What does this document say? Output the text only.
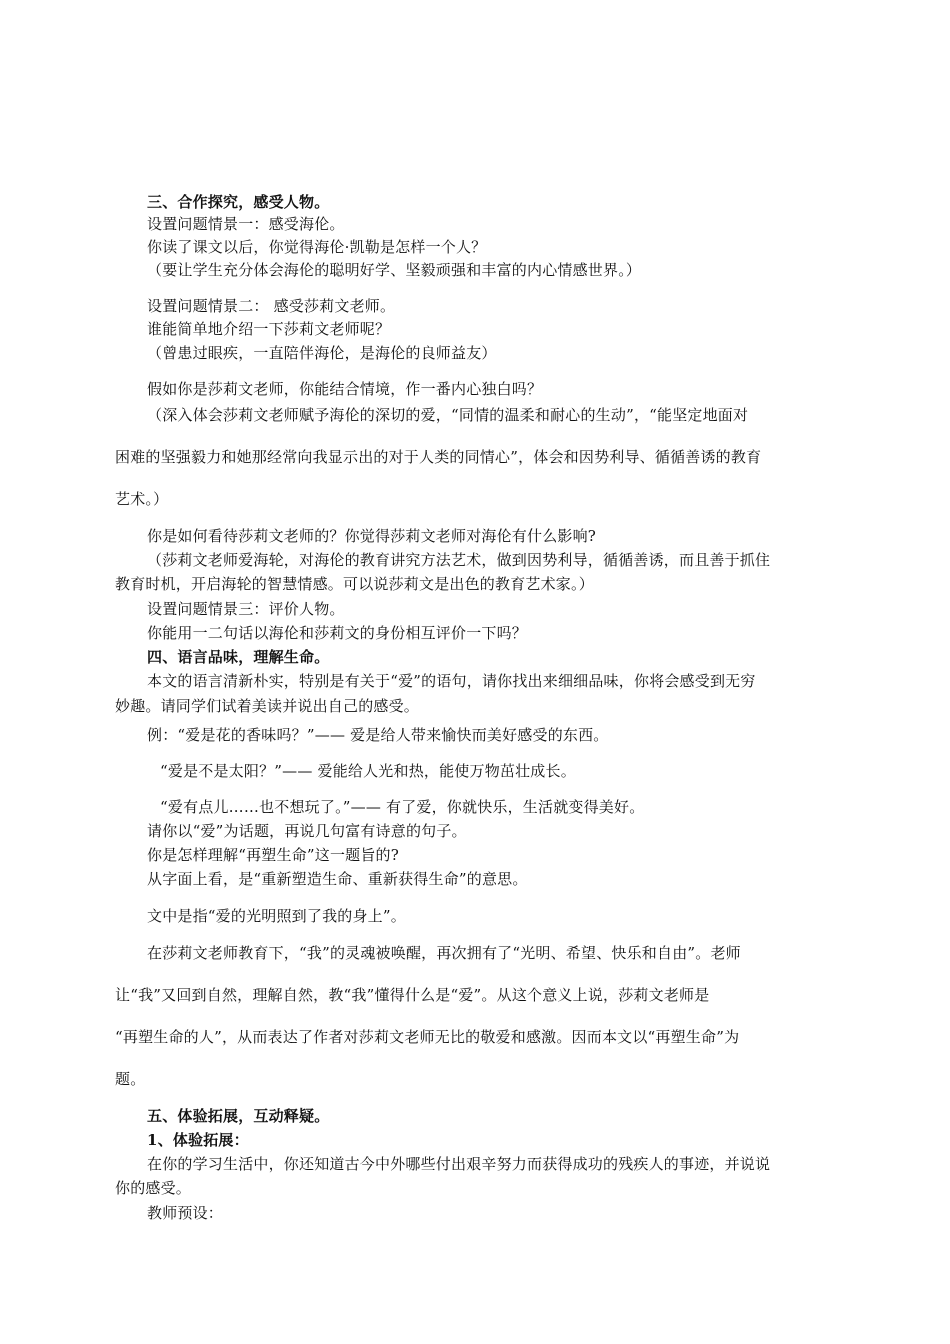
三、合作探究，感受人物。
设置问题情景一：感受海伦。
你读了课文以后，你觉得海伦·凯勒是怎样一个人？
（要让学生充分体会海伦的聪明好学、坚毅顽强和丰富的内心情感世界。）
设置问题情景二： 感受莎莉文老师。
谁能简单地介绍一下莎莉文老师呢？
（曾患过眼疾，一直陪伴海伦，是海伦的良师益友）
假如你是莎莉文老师，你能结合情境，作一番内心独白吗？
（深入体会莎莉文老师赋予海伦的深切的爱，“同情的温柔和耐心的生动”，“能坚定地面对
困难的坚强毅力和她那经常向我显示出的对于人类的同情心”，体会和因势利导、循循善诱的教育
艺术。）
你是如何看待莎莉文老师的？你觉得莎莉文老师对海伦有什么影响?
（莎莉文老师爱海轮，对海伦的教育讲究方法艺术，做到因势利导，循循善诱，而且善于抓住
教育时机，开启海轮的智慧情感。可以说莎莉文是出色的教育艺术家。）
设置问题情景三：评价人物。
你能用一二句话以海伦和莎莉文的身份相互评价一下吗？
四、语言品味，理解生命。
本文的语言清新朴实，特别是有关于“爱”的语句，请你找出来细细品味，你将会感受到无穷
妙趣。请同学们试着美读并说出自己的感受。
例：“爱是花的香味吗？”—— 爱是给人带来愉快而美好感受的东西。
“爱是不是太阳？”—— 爱能给人光和热，能使万物茁壮成长。
“爱有点儿……也不想玩了。”—— 有了爱，你就快乐，生活就变得美好。
请你以“爱”为话题，再说几句富有诗意的句子。
你是怎样理解“再塑生命”这一题旨的?
从字面上看，是“重新塑造生命、重新获得生命”的意思。
文中是指“爱的光明照到了我的身上”。
在莎莉文老师教育下，“我”的灵魂被唤醒，再次拥有了“光明、希望、快乐和自由”。老师
让“我”又回到自然，理解自然，教“我”懂得什么是“爱”。从这个意义上说，莎莉文老师是
“再塑生命的人”，从而表达了作者对莎莉文老师无比的敬爱和感激。因而本文以“再塑生命”为
题。
五、体验拓展，互动释疑。
1、体验拓展：
在你的学习生活中，你还知道古今中外哪些付出艰辛努力而获得成功的残疾人的事迹，并说说
你的感受。
教师预设：
